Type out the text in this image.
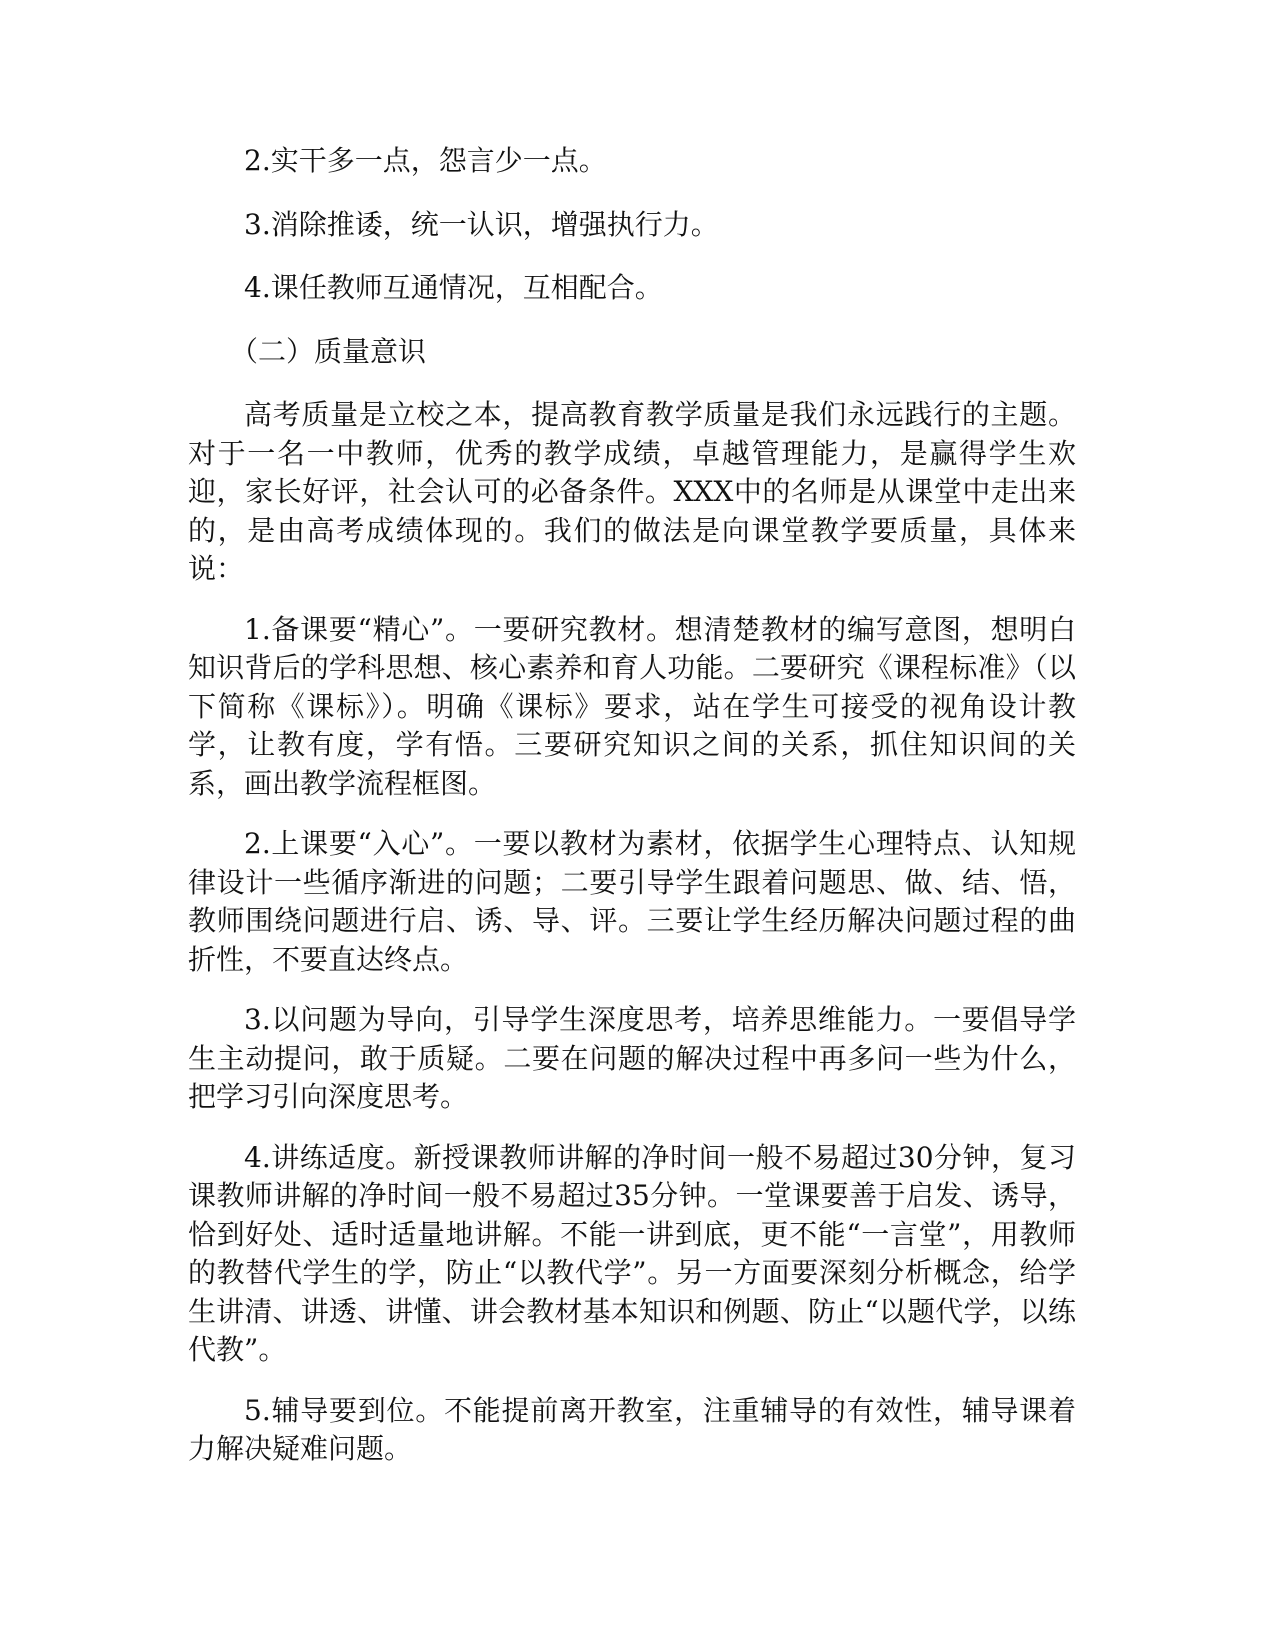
2.实干多一点，怨言少一点。

3.消除推诿，统一认识，增强执行力。

4.课任教师互通情况，互相配合。

（二）质量意识

高考质量是立校之本，提高教育教学质量是我们永远践行的主题。对于一名一中教师，优秀的教学成绩，卓越管理能力，是赢得学生欢迎，家长好评，社会认可的必备条件。XXX中的名师是从课堂中走出来的，是由高考成绩体现的。我们的做法是向课堂教学要质量，具体来说：

1.备课要“精心”。一要研究教材。想清楚教材的编写意图，想明白知识背后的学科思想、核心素养和育人功能。二要研究《课程标准》（以下简称《课标》）。明确《课标》要求，站在学生可接受的视角设计教学，让教有度，学有悟。三要研究知识之间的关系，抓住知识间的关系，画出教学流程框图。

2.上课要“入心”。一要以教材为素材，依据学生心理特点、认知规律设计一些循序渐进的问题；二要引导学生跟着问题思、做、结、悟，教师围绕问题进行启、诱、导、评。三要让学生经历解决问题过程的曲折性，不要直达终点。

3.以问题为导向，引导学生深度思考，培养思维能力。一要倡导学生主动提问，敢于质疑。二要在问题的解决过程中再多问一些为什么，把学习引向深度思考。

4.讲练适度。新授课教师讲解的净时间一般不易超过30分钟，复习课教师讲解的净时间一般不易超过35分钟。一堂课要善于启发、诱导，恰到好处、适时适量地讲解。不能一讲到底，更不能“一言堂”，用教师的教替代学生的学，防止“以教代学”。另一方面要深刻分析概念，给学生讲清、讲透、讲懂、讲会教材基本知识和例题、防止“以题代学，以练代教”。

5.辅导要到位。不能提前离开教室，注重辅导的有效性，辅导课着力解决疑难问题。
